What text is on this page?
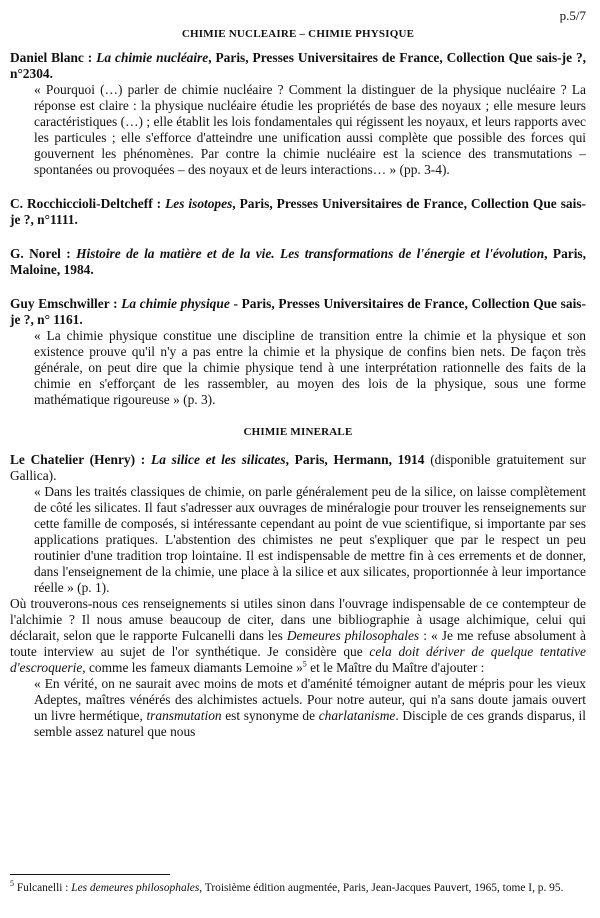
p.5/7
CHIMIE NUCLEAIRE – CHIMIE PHYSIQUE

Daniel Blanc : La chimie nucléaire, Paris, Presses Universitaires de France, Collection Que sais-je ?, n°2304.

« Pourquoi (…) parler de chimie nucléaire ? Comment la distinguer de la physique nucléaire ? La réponse est claire : la physique nucléaire étudie les propriétés de base des noyaux ; elle mesure leurs caractéristiques (…) ; elle établit les lois fondamentales qui régissent les noyaux, et leurs rapports avec les particules ; elle s'efforce d'atteindre une unification aussi complète que possible des forces qui gouvernent les phénomènes. Par contre la chimie nucléaire est la science des transmutations – spontanées ou provoquées – des noyaux et de leurs interactions… » (pp. 3-4).

C. Rocchiccioli-Deltcheff : Les isotopes, Paris, Presses Universitaires de France, Collection Que sais-je ?, n°1111.

G. Norel : Histoire de la matière et de la vie. Les transformations de l'énergie et l'évolution, Paris, Maloine, 1984.

Guy Emschwiller : La chimie physique - Paris, Presses Universitaires de France, Collection Que sais-je ?, n° 1161.

« La chimie physique constitue une discipline de transition entre la chimie et la physique et son existence prouve qu'il n'y a pas entre la chimie et la physique de confins bien nets. De façon très générale, on peut dire que la chimie physique tend à une interprétation rationnelle des faits de la chimie en s'efforçant de les rassembler, au moyen des lois de la physique, sous une forme mathématique rigoureuse » (p. 3).

CHIMIE MINERALE

Le Chatelier (Henry) : La silice et les silicates, Paris, Hermann, 1914 (disponible gratuitement sur Gallica).

« Dans les traités classiques de chimie, on parle généralement peu de la silice, on laisse complètement de côté les silicates. Il faut s'adresser aux ouvrages de minéralogie pour trouver les renseignements sur cette famille de composés, si intéressante cependant au point de vue scientifique, si importante par ses applications pratiques. L'abstention des chimistes ne peut s'expliquer que par le respect un peu routinier d'une tradition trop lointaine. Il est indispensable de mettre fin à ces errements et de donner, dans l'enseignement de la chimie, une place à la silice et aux silicates, proportionnée à leur importance réelle » (p. 1).

Où trouverons-nous ces renseignements si utiles sinon dans l'ouvrage indispensable de ce contempteur de l'alchimie ? Il nous amuse beaucoup de citer, dans une bibliographie à usage alchimique, celui qui déclarait, selon que le rapporte Fulcanelli dans les Demeures philosophales : « Je me refuse absolument à toute interview au sujet de l'or synthétique. Je considère que cela doit dériver de quelque tentative d'escroquerie, comme les fameux diamants Lemoine »$^5$ et le Maître du Maître d'ajouter :

« En vérité, on ne saurait avec moins de mots et d'aménité témoigner autant de mépris pour les vieux Adeptes, maîtres vénérés des alchimistes actuels. Pour notre auteur, qui n'a sans doute jamais ouvert un livre hermétique, transmutation est synonyme de charlatanisme. Disciple de ces grands disparus, il semble assez naturel que nous

$^5$ Fulcanelli : Les demeures philosophales, Troisième édition augmentée, Paris, Jean-Jacques Pauvert, 1965, tome I, p. 95.
